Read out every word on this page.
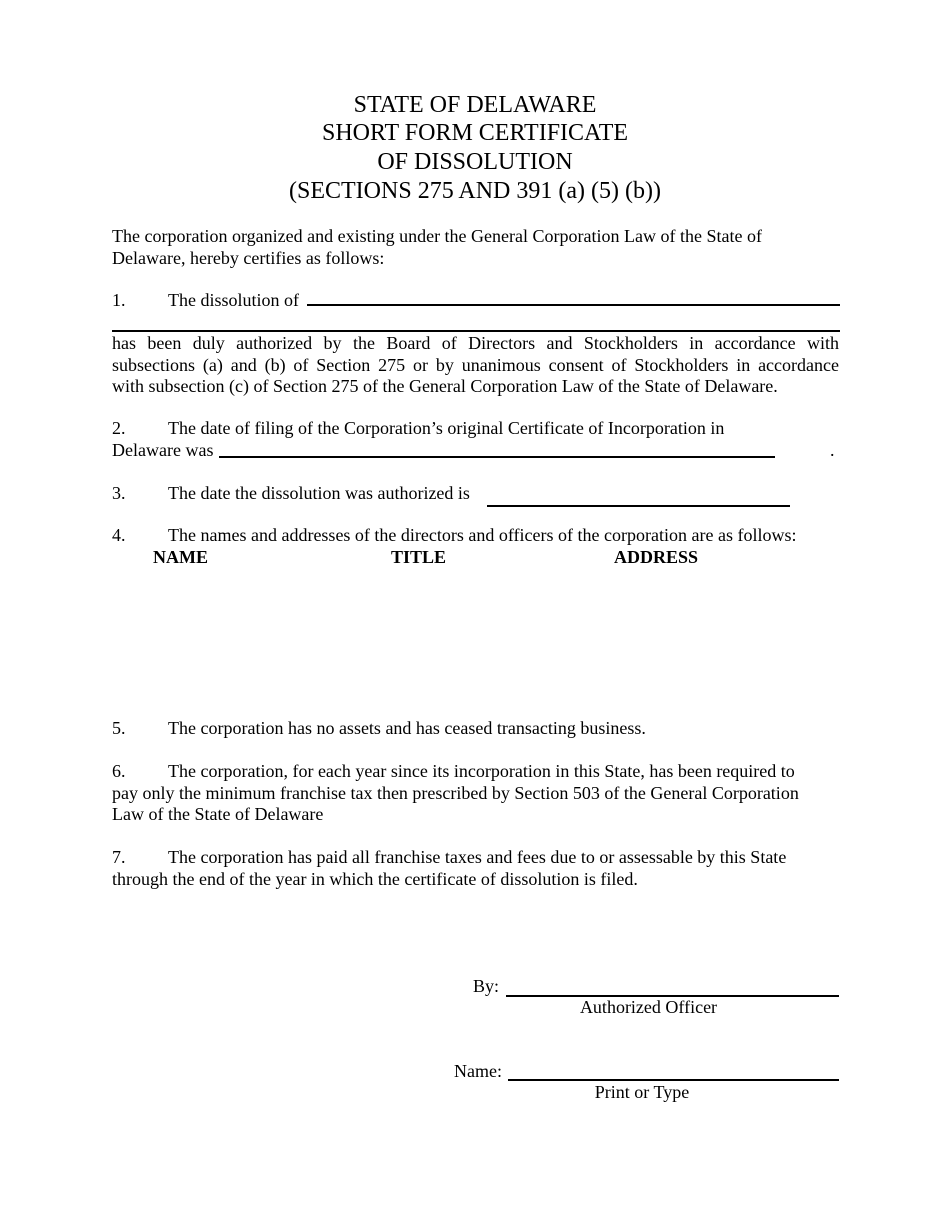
STATE OF DELAWARE
SHORT FORM CERTIFICATE
OF DISSOLUTION
(SECTIONS 275 AND 391 (a) (5) (b))
The corporation organized and existing under the General Corporation Law of the State of
Delaware, hereby certifies as follows:
1. The dissolution of
has been duly authorized by the Board of Directors and Stockholders in accordance with
subsections (a) and (b) of Section 275 or by unanimous consent of Stockholders in accordance
with subsection (c) of Section 275 of the General Corporation Law of the State of Delaware.
2. The date of filing of the Corporation’s original Certificate of Incorporation in
Delaware was	.
3. The date the dissolution was authorized is
4. The names and addresses of the directors and officers of the corporation are as follows:
NAME	TITLE	ADDRESS
5. The corporation has no assets and has ceased transacting business.
6. The corporation, for each year since its incorporation in this State, has been required to
pay only the minimum franchise tax then prescribed by Section 503 of the General Corporation
Law of the State of Delaware
7. The corporation has paid all franchise taxes and fees due to or assessable by this State
through the end of the year in which the certificate of dissolution is filed.
By:
Authorized Officer
Name:
Print or Type
